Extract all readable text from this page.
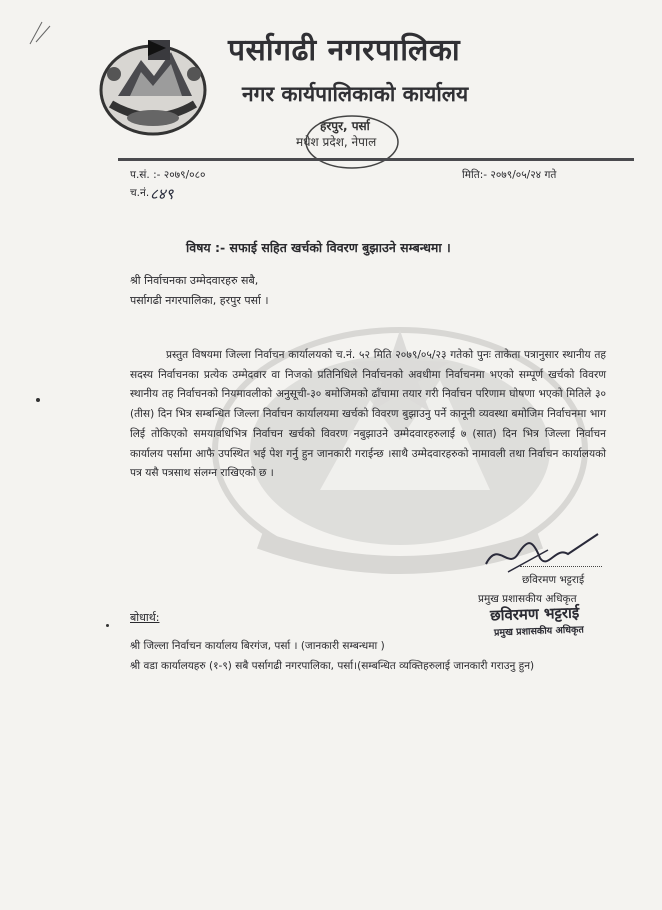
पर्सागढी नगरपालिका
नगर कार्यपालिकाको कार्यालय
हरपुर, पर्सा
मधेश प्रदेश, नेपाल
प.सं. :- २०७९/०८०
च.नं. ८४९
मिति:- २०७९/०५/२४ गते
विषय :- सफाई सहित खर्चको विवरण बुझाउने सम्बन्धमा ।
श्री निर्वाचनका उम्मेदवारहरु सबै,
पर्सागढी नगरपालिका, हरपुर पर्सा ।

प्रस्तुत विषयमा जिल्ला निर्वाचन कार्यालयको च.नं. ५२ मिति २०७९/०५/२३ गतेको पुनः ताकेता पत्रानुसार स्थानीय तह सदस्य निर्वाचनका प्रत्येक उम्मेदवार वा निजको प्रतिनिधिले निर्वाचनको अवधीमा निर्वाचनमा भएको सम्पूर्ण खर्चको विवरण स्थानीय तह निर्वाचनको नियमावलीको अनुसूची-३० बमोजिमको ढाँचामा तयार गरी निर्वाचन परिणाम घोषणा भएको मितिले ३० (तीस) दिन भित्र सम्बन्धित जिल्ला निर्वाचन कार्यालयमा खर्चको विवरण बुझाउनु पर्ने कानूनी व्यवस्था बमोजिम निर्वाचनमा भाग लिई तोकिएको समयावधिभित्र निर्वाचन खर्चको विवरण नबुझाउने उम्मेदवारहरुलाई ७ (सात) दिन भित्र जिल्ला निर्वाचन कार्यालय पर्सामा आफै उपस्थित भई पेश गर्नु हुन जानकारी गराईन्छ ।साथै उम्मेदवारहरुको नामावली तथा निर्वाचन कार्यालयको पत्र यसै पत्रसाथ संलग्न राखिएको छ ।

छविरमण भट्टराई
प्रमुख प्रशासकीय अधिकृत
छविरमण भट्टराई
प्रमुख प्रशासकीय अधिकृत
बोधार्थ:
श्री जिल्ला निर्वाचन कार्यालय बिरगंज, पर्सा । (जानकारी सम्बन्धमा )
श्री वडा कार्यालयहरु (१-९) सबै पर्सागढी नगरपालिका, पर्सा।(सम्बन्धित व्यक्तिहरुलाई जानकारी गराउनु हुन)
